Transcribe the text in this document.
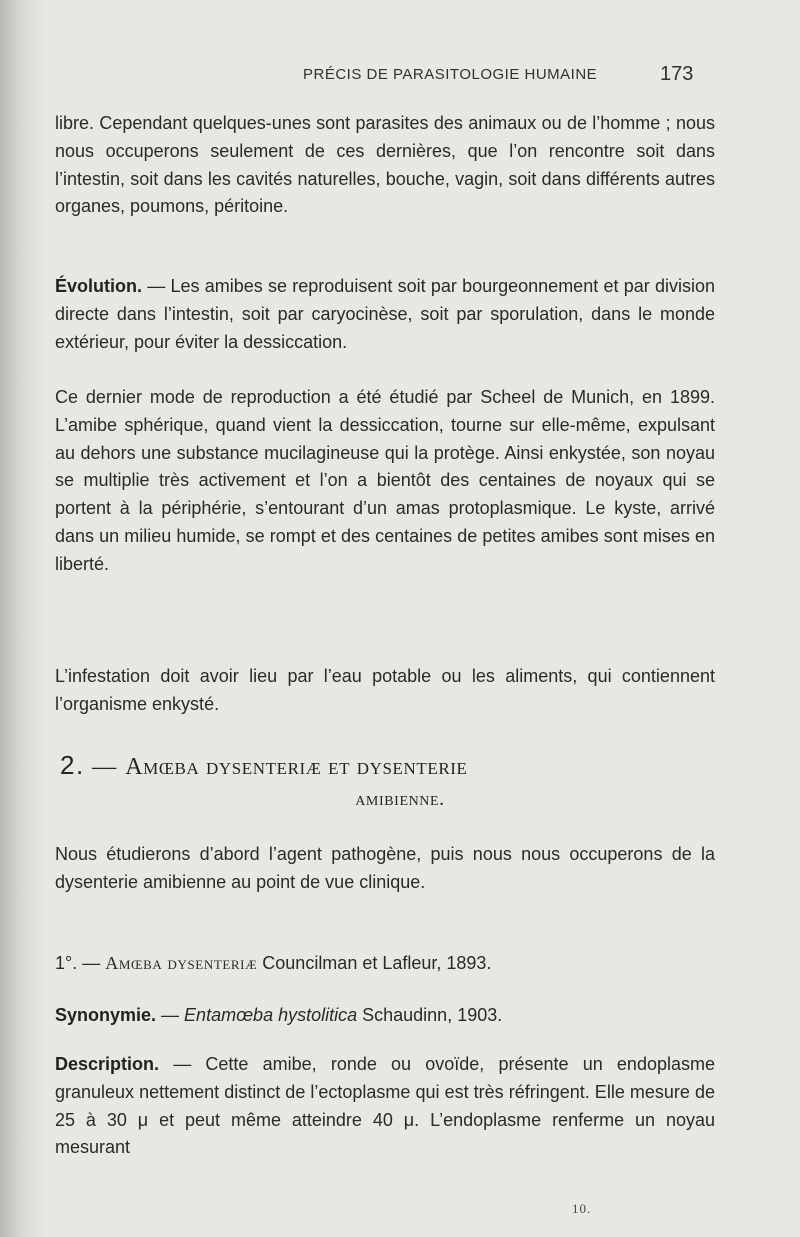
PRÉCIS DE PARASITOLOGIE HUMAINE	173

libre. Cependant quelques-unes sont parasites des animaux ou de l’homme ; nous nous occuperons seulement de ces dernières, que l’on rencontre soit dans l’intestin, soit dans les cavités naturelles, bouche, vagin, soit dans différents autres organes, poumons, péritoine.

Évolution. — Les amibes se reproduisent soit par bourgeonnement et par division directe dans l’intestin, soit par caryocinèse, soit par sporulation, dans le monde extérieur, pour éviter la dessiccation.

Ce dernier mode de reproduction a été étudié par Scheel de Munich, en 1899. L’amibe sphérique, quand vient la dessiccation, tourne sur elle-même, expulsant au dehors une substance mucilagineuse qui la protège. Ainsi enkystée, son noyau se multiplie très activement et l’on a bientôt des centaines de noyaux qui se portent à la périphérie, s’entourant d’un amas protoplasmique. Le kyste, arrivé dans un milieu humide, se rompt et des centaines de petites amibes sont mises en liberté.

L’infestation doit avoir lieu par l’eau potable ou les aliments, qui contiennent l’organisme enkysté.

2. — Amœba dysenteriæ et dysenterie
amibienne.

Nous étudierons d’abord l’agent pathogène, puis nous nous occuperons de la dysenterie amibienne au point de vue clinique.

1°. — Amœba dysenteriæ Councilman et Lafleur, 1893.

Synonymie. — Entamœba hystolitica Schaudinn, 1903.

Description. — Cette amibe, ronde ou ovoïde, présente un endoplasme granuleux nettement distinct de l’ectoplasme qui est très réfringent. Elle mesure de 25 à 30 μ et peut même atteindre 40 μ. L’endoplasme renferme un noyau mesurant

10.
